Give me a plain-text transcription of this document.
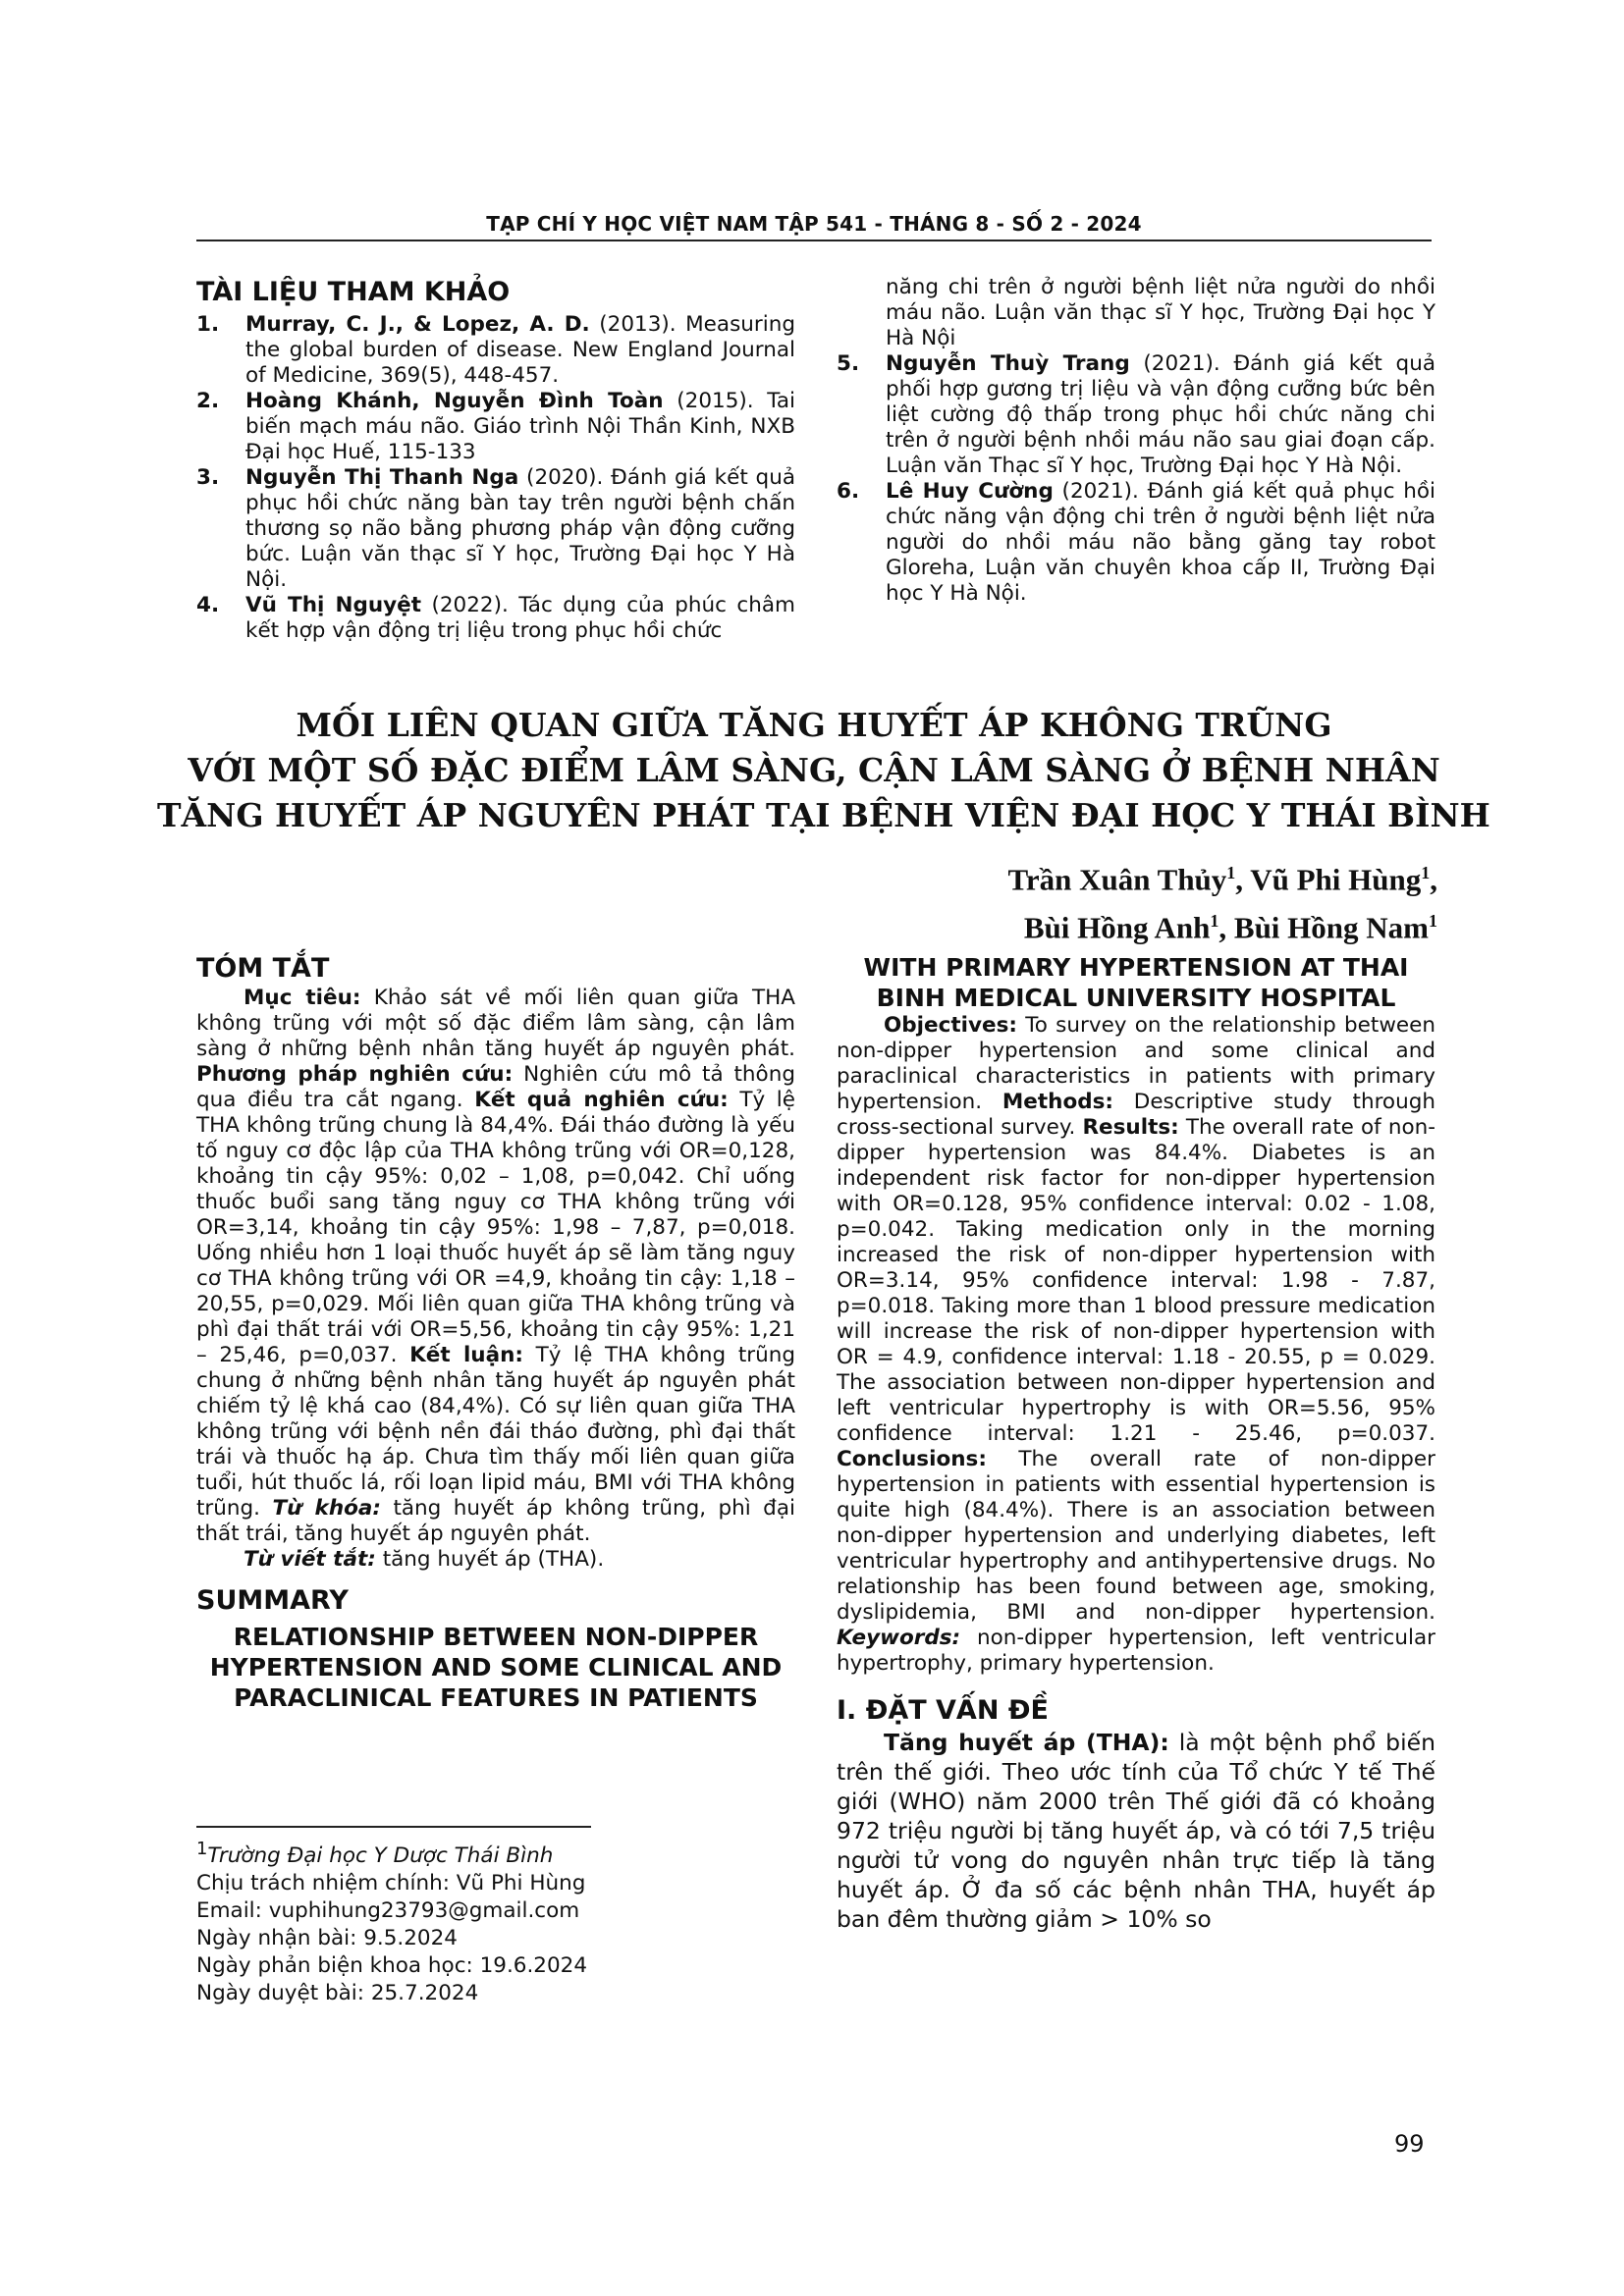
TẠP CHÍ Y HỌC VIỆT NAM TẬP 541 - THÁNG 8 - SỐ 2 - 2024
TÀI LIỆU THAM KHẢO

1. Murray, C. J., & Lopez, A. D. (2013). Measuring the global burden of disease. New England Journal of Medicine, 369(5), 448-457.

2. Hoàng Khánh, Nguyễn Đình Toàn (2015). Tai biến mạch máu não. Giáo trình Nội Thần Kinh, NXB Đại học Huế, 115-133

3. Nguyễn Thị Thanh Nga (2020). Đánh giá kết quả phục hồi chức năng bàn tay trên người bệnh chấn thương sọ não bằng phương pháp vận động cưỡng bức. Luận văn thạc sĩ Y học, Trường Đại học Y Hà Nội.

4. Vũ Thị Nguyệt (2022). Tác dụng của phúc châm kết hợp vận động trị liệu trong phục hồi chức

năng chi trên ở người bệnh liệt nửa người do nhồi máu não. Luận văn thạc sĩ Y học, Trường Đại học Y Hà Nội

5. Nguyễn Thuỳ Trang (2021). Đánh giá kết quả phối hợp gương trị liệu và vận động cưỡng bức bên liệt cường độ thấp trong phục hồi chức năng chi trên ở người bệnh nhồi máu não sau giai đoạn cấp. Luận văn Thạc sĩ Y học, Trường Đại học Y Hà Nội.

6. Lê Huy Cường (2021). Đánh giá kết quả phục hồi chức năng vận động chi trên ở người bệnh liệt nửa người do nhồi máu não bằng găng tay robot Gloreha, Luận văn chuyên khoa cấp II, Trường Đại học Y Hà Nội.

MỐI LIÊN QUAN GIỮA TĂNG HUYẾT ÁP KHÔNG TRŨNG
VỚI MỘT SỐ ĐẶC ĐIỂM LÂM SÀNG, CẬN LÂM SÀNG Ở BỆNH NHÂN
TĂNG HUYẾT ÁP NGUYÊN PHÁT TẠI BỆNH VIỆN ĐẠI HỌC Y THÁI BÌNH
Trần Xuân Thủy$^1$, Vũ Phi Hùng$^1$,
Bùi Hồng Anh$^1$, Bùi Hồng Nam$^1$
TÓM TẮT

Mục tiêu: Khảo sát về mối liên quan giữa THA không trũng với một số đặc điểm lâm sàng, cận lâm sàng ở những bệnh nhân tăng huyết áp nguyên phát. Phương pháp nghiên cứu: Nghiên cứu mô tả thông qua điều tra cắt ngang. Kết quả nghiên cứu: Tỷ lệ THA không trũng chung là 84,4%. Đái tháo đường là yếu tố nguy cơ độc lập của THA không trũng với OR=0,128, khoảng tin cậy 95%: 0,02 – 1,08, p=0,042. Chỉ uống thuốc buổi sang tăng nguy cơ THA không trũng với OR=3,14, khoảng tin cậy 95%: 1,98 – 7,87, p=0,018. Uống nhiều hơn 1 loại thuốc huyết áp sẽ làm tăng nguy cơ THA không trũng với OR =4,9, khoảng tin cậy: 1,18 – 20,55, p=0,029. Mối liên quan giữa THA không trũng và phì đại thất trái với OR=5,56, khoảng tin cậy 95%: 1,21 – 25,46, p=0,037. Kết luận: Tỷ lệ THA không trũng chung ở những bệnh nhân tăng huyết áp nguyên phát chiếm tỷ lệ khá cao (84,4%). Có sự liên quan giữa THA không trũng với bệnh nền đái tháo đường, phì đại thất trái và thuốc hạ áp. Chưa tìm thấy mối liên quan giữa tuổi, hút thuốc lá, rối loạn lipid máu, BMI với THA không trũng. Từ khóa: tăng huyết áp không trũng, phì đại thất trái, tăng huyết áp nguyên phát.

Từ viết tắt: tăng huyết áp (THA).

SUMMARY

RELATIONSHIP BETWEEN NON-DIPPER

HYPERTENSION AND SOME CLINICAL AND

PARACLINICAL FEATURES IN PATIENTS

WITH PRIMARY HYPERTENSION AT THAI

BINH MEDICAL UNIVERSITY HOSPITAL

Objectives: To survey on the relationship between non-dipper hypertension and some clinical and paraclinical characteristics in patients with primary hypertension. Methods: Descriptive study through cross-sectional survey. Results: The overall rate of non-dipper hypertension was 84.4%. Diabetes is an independent risk factor for non-dipper hypertension with OR=0.128, 95% confidence interval: 0.02 - 1.08, p=0.042. Taking medication only in the morning increased the risk of non-dipper hypertension with OR=3.14, 95% confidence interval: 1.98 - 7.87, p=0.018. Taking more than 1 blood pressure medication will increase the risk of non-dipper hypertension with OR = 4.9, confidence interval: 1.18 - 20.55, p = 0.029. The association between non-dipper hypertension and left ventricular hypertrophy is with OR=5.56, 95% confidence interval: 1.21 - 25.46, p=0.037. Conclusions: The overall rate of non-dipper hypertension in patients with essential hypertension is quite high (84.4%). There is an association between non-dipper hypertension and underlying diabetes, left ventricular hypertrophy and antihypertensive drugs. No relationship has been found between age, smoking, dyslipidemia, BMI and non-dipper hypertension. Keywords: non-dipper hypertension, left ventricular hypertrophy, primary hypertension.

I. ĐẶT VẤN ĐỀ

Tăng huyết áp (THA): là một bệnh phổ biến trên thế giới. Theo ước tính của Tổ chức Y tế Thế giới (WHO) năm 2000 trên Thế giới đã có khoảng 972 triệu người bị tăng huyết áp, và có tới 7,5 triệu người tử vong do nguyên nhân trực tiếp là tăng huyết áp. Ở đa số các bệnh nhân THA, huyết áp ban đêm thường giảm > 10% so

$^1$Trường Đại học Y Dược Thái Bình
Chịu trách nhiệm chính: Vũ Phi Hùng
Email: vuphihung23793@gmail.com
Ngày nhận bài: 9.5.2024
Ngày phản biện khoa học: 19.6.2024
Ngày duyệt bài: 25.7.2024
99
